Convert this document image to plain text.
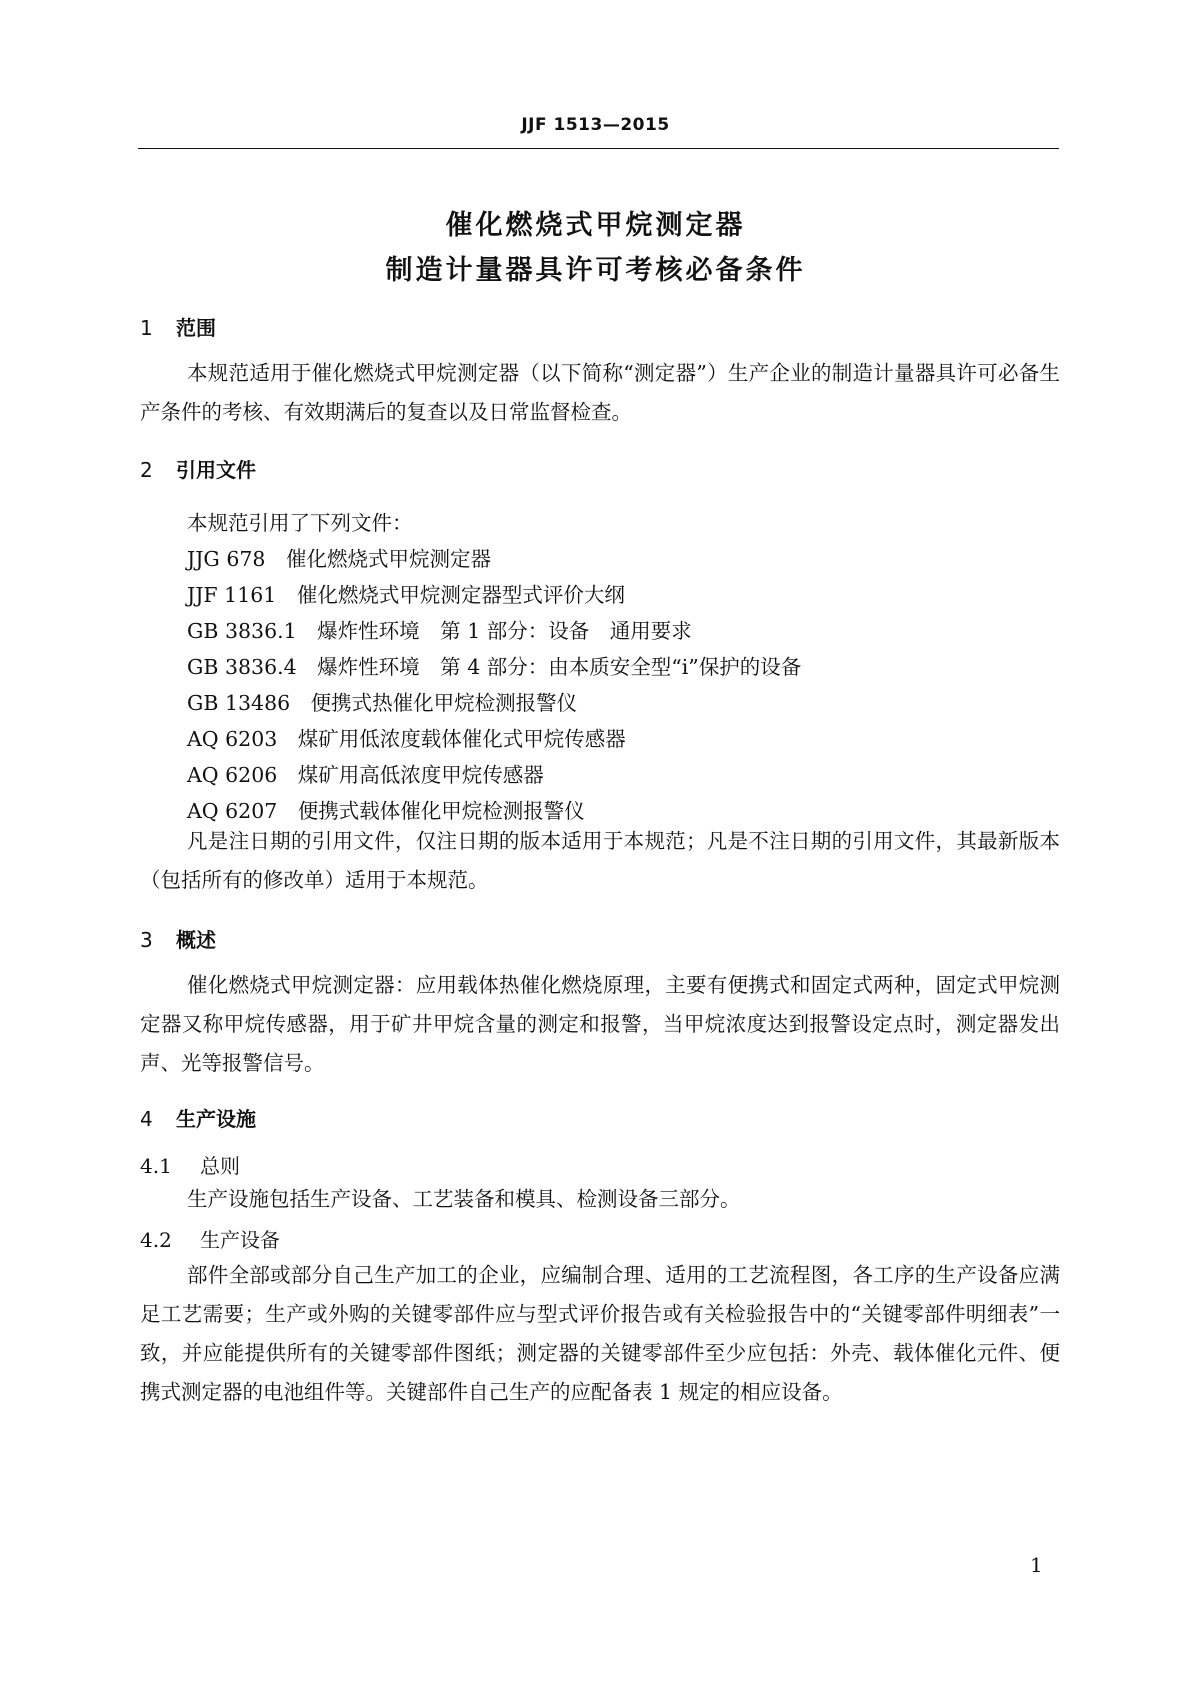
JJF 1513—2015
催化燃烧式甲烷测定器
制造计量器具许可考核必备条件
1 范围

本规范适用于催化燃烧式甲烷测定器（以下简称“测定器”）生产企业的制造计量器具许可必备生产条件的考核、有效期满后的复查以及日常监督检查。

2 引用文件
本规范引用了下列文件：
JJG 678　催化燃烧式甲烷测定器
JJF 1161　催化燃烧式甲烷测定器型式评价大纲
GB 3836.1　爆炸性环境　第 1 部分：设备　通用要求
GB 3836.4　爆炸性环境　第 4 部分：由本质安全型“i”保护的设备
GB 13486　便携式热催化甲烷检测报警仪
AQ 6203　煤矿用低浓度载体催化式甲烷传感器
AQ 6206　煤矿用高低浓度甲烷传感器
AQ 6207　便携式载体催化甲烷检测报警仪

凡是注日期的引用文件，仅注日期的版本适用于本规范；凡是不注日期的引用文件，其最新版本（包括所有的修改单）适用于本规范。

3 概述

催化燃烧式甲烷测定器：应用载体热催化燃烧原理，主要有便携式和固定式两种，固定式甲烷测定器又称甲烷传感器，用于矿井甲烷含量的测定和报警，当甲烷浓度达到报警设定点时，测定器发出声、光等报警信号。

4 生产设施
4.1 总则

生产设施包括生产设备、工艺装备和模具、检测设备三部分。

4.2 生产设备

部件全部或部分自己生产加工的企业，应编制合理、适用的工艺流程图，各工序的生产设备应满足工艺需要；生产或外购的关键零部件应与型式评价报告或有关检验报告中的“关键零部件明细表”一致，并应能提供所有的关键零部件图纸；测定器的关键零部件至少应包括：外壳、载体催化元件、便携式测定器的电池组件等。关键部件自己生产的应配备表 1 规定的相应设备。

1
